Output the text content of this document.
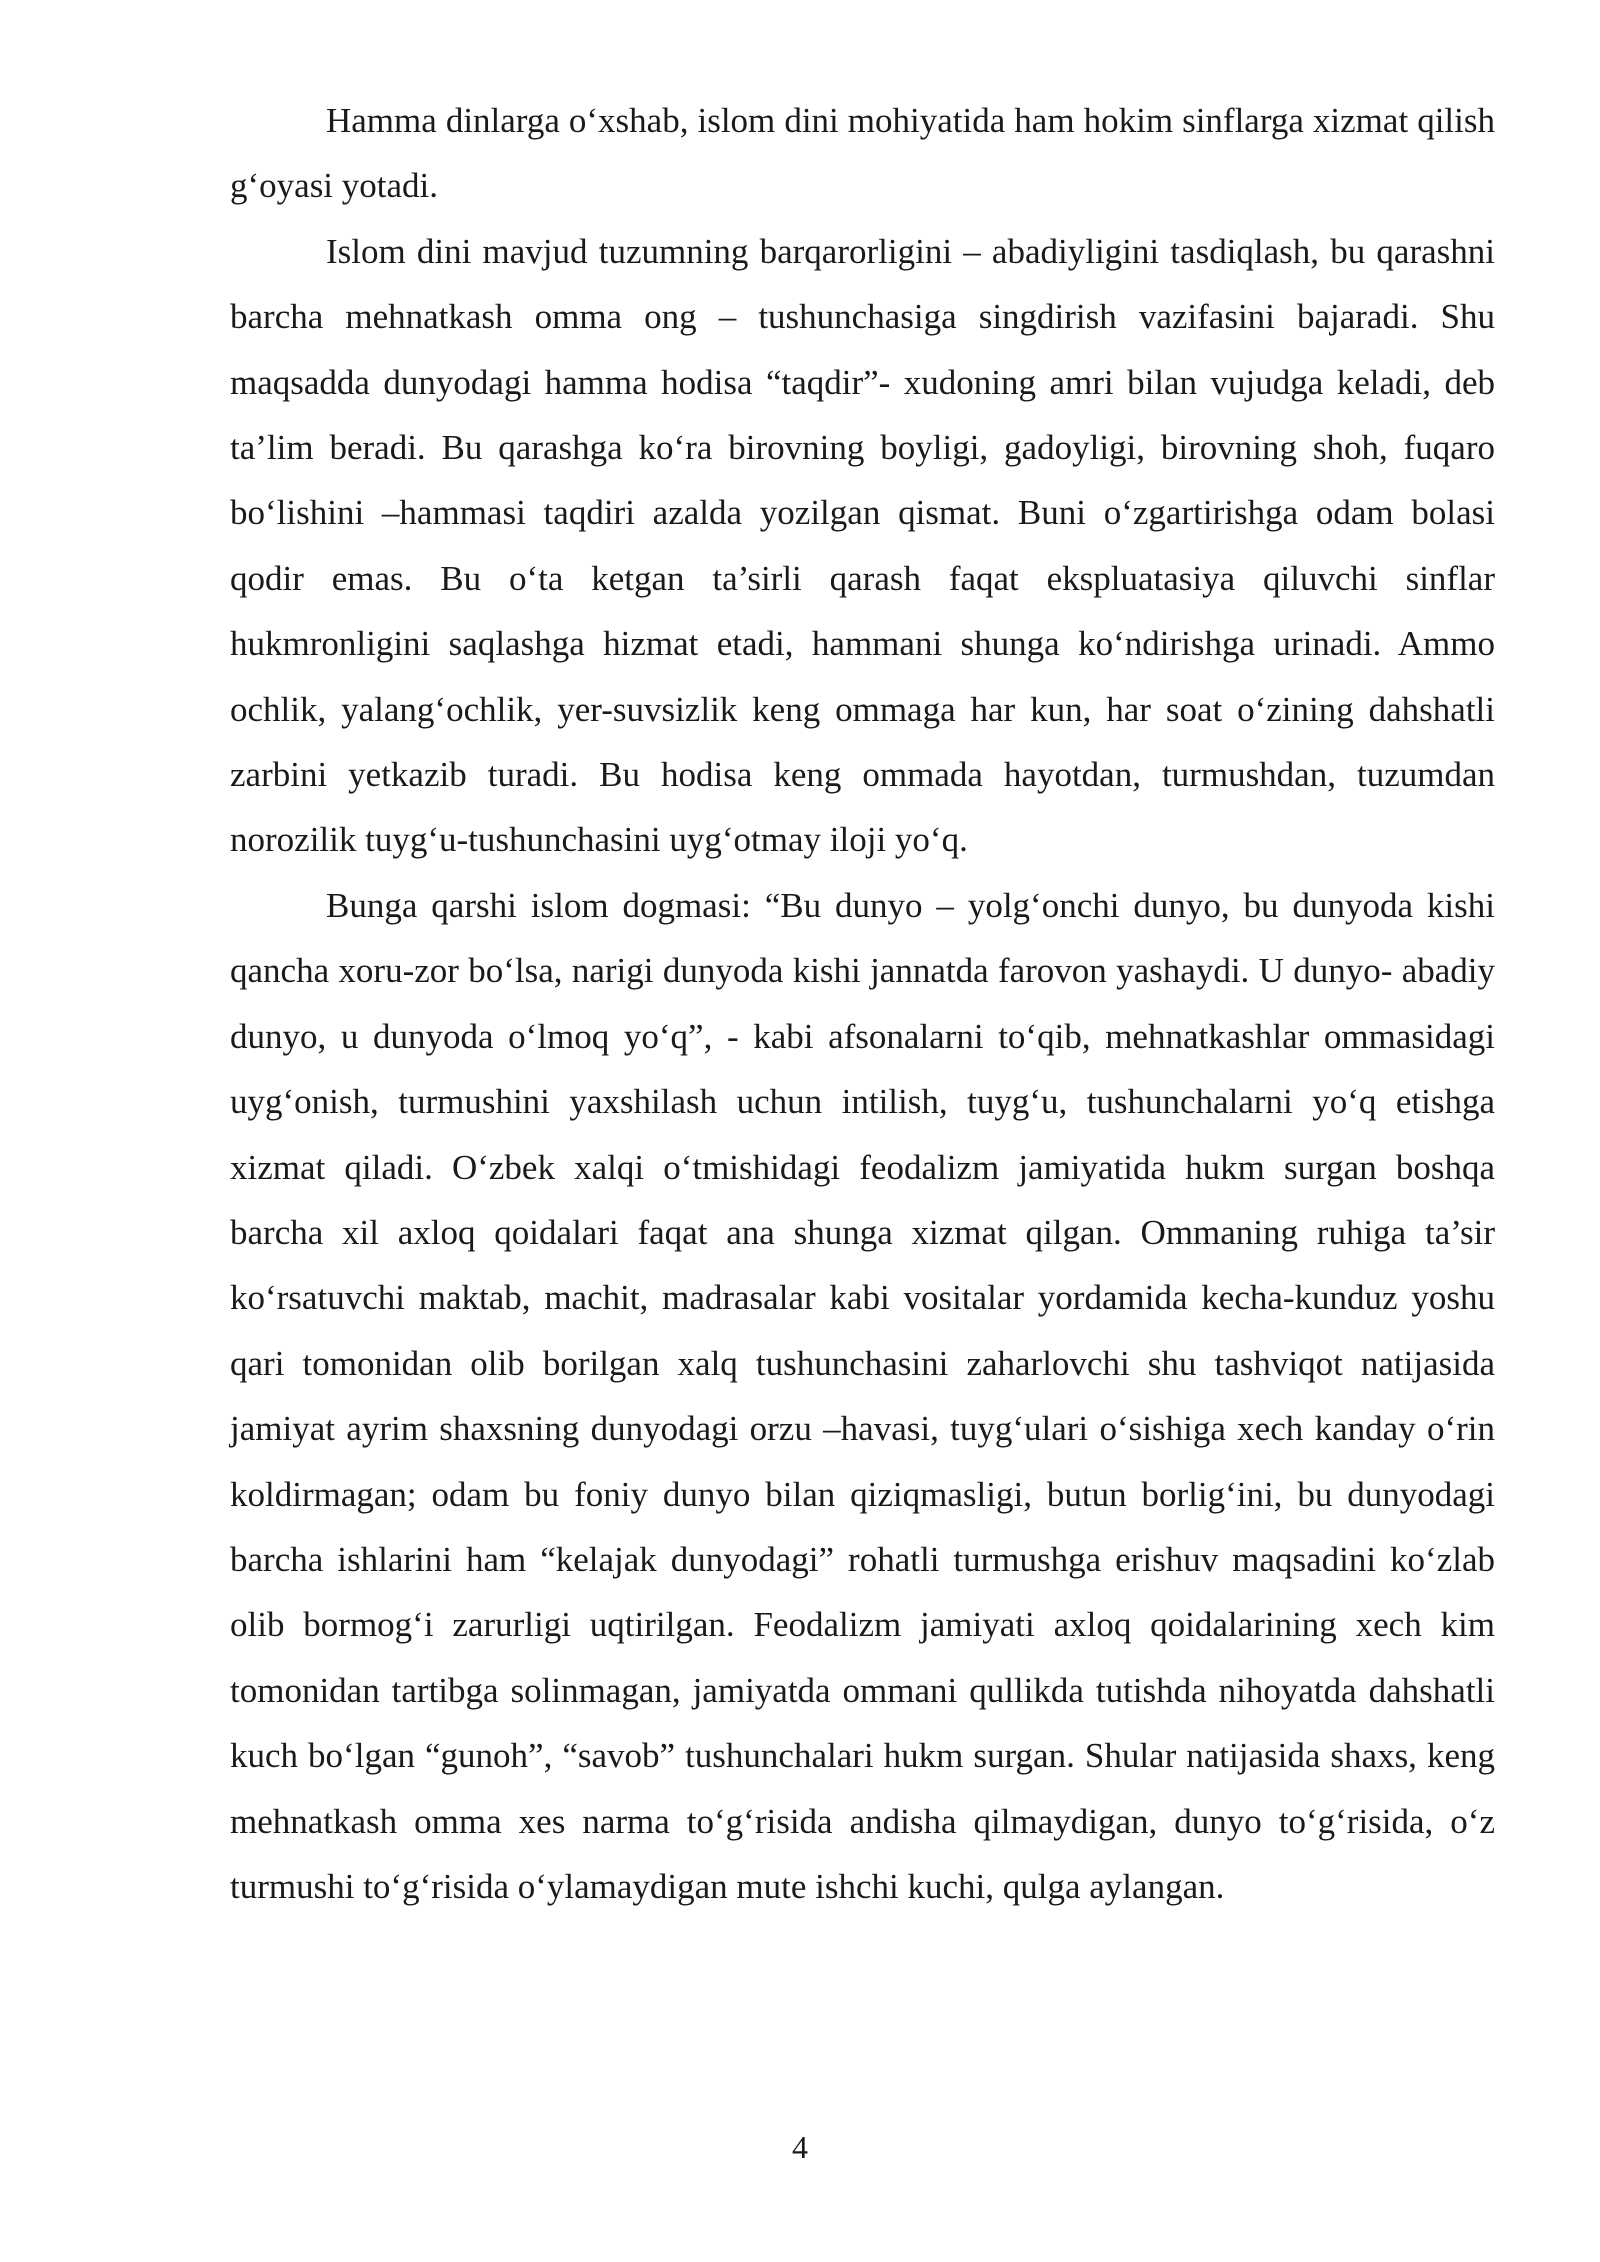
Hamma dinlarga oʻxshab, islom dini mohiyatida ham hokim sinflarga xizmat qilish gʻoyasi yotadi.

Islom dini mavjud tuzumning barqarorligini – abadiyligini tasdiqlash, bu qarashni barcha mehnatkash omma ong – tushunchasiga singdirish vazifasini bajaradi. Shu maqsadda dunyodagi hamma hodisa “taqdir”- xudoning amri bilan vujudga keladi, deb ta’lim beradi. Bu qarashga koʻra birovning boyligi, gadoyligi, birovning shoh, fuqaro boʻlishini –hammasi taqdiri azalda yozilgan qismat. Buni oʻzgartirishga odam bolasi qodir emas. Bu oʻta ketgan ta’sirli qarash faqat ekspluatasiya qiluvchi sinflar hukmronligini saqlashga hizmat etadi, hammani shunga koʻndirishga urinadi. Ammo ochlik, yalangʻochlik, yer-suvsizlik keng ommaga har kun, har soat oʻzining dahshatli zarbini yetkazib turadi. Bu hodisa keng ommada hayotdan, turmushdan, tuzumdan norozilik tuygʻu-tushunchasini uygʻotmay iloji yoʻq.

Bunga qarshi islom dogmasi: “Bu dunyo – yolgʻonchi dunyo, bu dunyoda kishi qancha xoru-zor boʻlsa, narigi dunyoda kishi jannatda farovon yashaydi. U dunyo- abadiy dunyo, u dunyoda oʻlmoq yoʻq”, - kabi afsonalarni toʻqib, mehnatkashlar ommasidagi uygʻonish, turmushini yaxshilash uchun intilish, tuygʻu, tushunchalarni yoʻq etishga xizmat qiladi. Oʻzbek xalqi oʻtmishidagi feodalizm jamiyatida hukm surgan boshqa barcha xil axloq qoidalari faqat ana shunga xizmat qilgan. Ommaning ruhiga ta’sir koʻrsatuvchi maktab, machit, madrasalar kabi vositalar yordamida kecha-kunduz yoshu qari tomonidan olib borilgan xalq tushunchasini zaharlovchi shu tashviqot natijasida jamiyat ayrim shaxsning dunyodagi orzu –havasi, tuygʻulari oʻsishiga xech kanday oʻrin koldirmagan; odam bu foniy dunyo bilan qiziqmasligi, butun borligʻini, bu dunyodagi barcha ishlarini ham “kelajak dunyodagi” rohatli turmushga erishuv maqsadini koʻzlab olib bormogʻi zarurligi uqtirilgan. Feodalizm jamiyati axloq qoidalarining xech kim tomonidan tartibga solinmagan, jamiyatda ommani qullikda tutishda nihoyatda dahshatli kuch boʻlgan “gunoh”, “savob” tushunchalari hukm surgan. Shular natijasida shaxs, keng mehnatkash omma xes narma toʻgʻrisida andisha qilmaydigan, dunyo toʻgʻrisida, oʻz turmushi toʻgʻrisida oʻylamaydigan mute ishchi kuchi, qulga aylangan.

4
